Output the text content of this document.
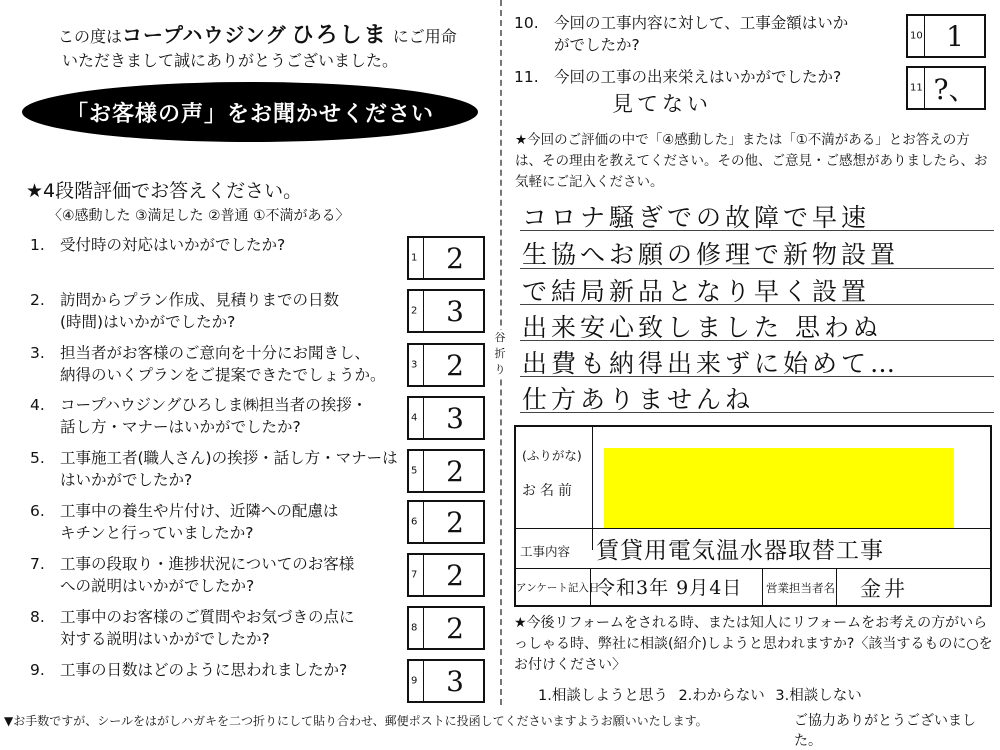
この度はコープハウジング ひろしま にご用命
いただきまして誠にありがとうございました。
「お客様の声」をお聞かせください
★4段階評価でお答えください。
〈④感動した ③満足した ②普通 ①不満がある〉
1. 受付時の対応はいかがでしたか?
2. 訪問からプラン作成、見積りまでの日数
(時間)はいかがでしたか?
3. 担当者がお客様のご意向を十分にお聞きし、
納得のいくプランをご提案できたでしょうか。
4. コープハウジングひろしま㈱担当者の挨拶・
話し方・マナーはいかがでしたか?
5. 工事施工者(職人さん)の挨拶・話し方・マナーは
はいかがでしたか?
6. 工事中の養生や片付け、近隣への配慮は
キチンと行っていましたか?
7. 工事の段取り・進捗状況についてのお客様
への説明はいかがでしたか?
8. 工事中のお客様のご質問やお気づきの点に
対する説明はいかがでしたか?
9. 工事の日数はどのように思われましたか?
1	2
2	3
3	2
4	3
5	2
6	2
7	2
8	2
9	3
谷折り
10. 今回の工事内容に対して、工事金額はいか
がでしたか?
11. 今回の工事の出来栄えはいかがでしたか?
10 1
11 ?、
見てない
★今回のご評価の中で「④感動した」または「①不満がある」とお答えの方は、その理由を教えてください。その他、ご意見・ご感想がありましたら、お気軽にご記入ください。
コロナ騒ぎでの故障で早速
生協へお願の修理で新物設置
で結局新品となり早く設置
出来安心致しました 思わぬ
出費も納得出来ずに始めて…
仕方ありませんね
(ふりがな)
お名前
工事内容 賃貸用電気温水器取替工事
アンケート記入日
令和3年 9月4日 営業担当者名 金井
★今後リフォームをされる時、または知人にリフォームをお考えの方がいらっしゃる時、弊社に相談(紹介)しようと思われますか?〈該当するものに○をお付けください〉
1.相談しようと思う 2.わからない 3.相談しない
▼お手数ですが、シールをはがしハガキを二つ折りにして貼り合わせ、郵便ポストに投函してくださいますようお願いいたします。	ご協力ありがとうございました。
